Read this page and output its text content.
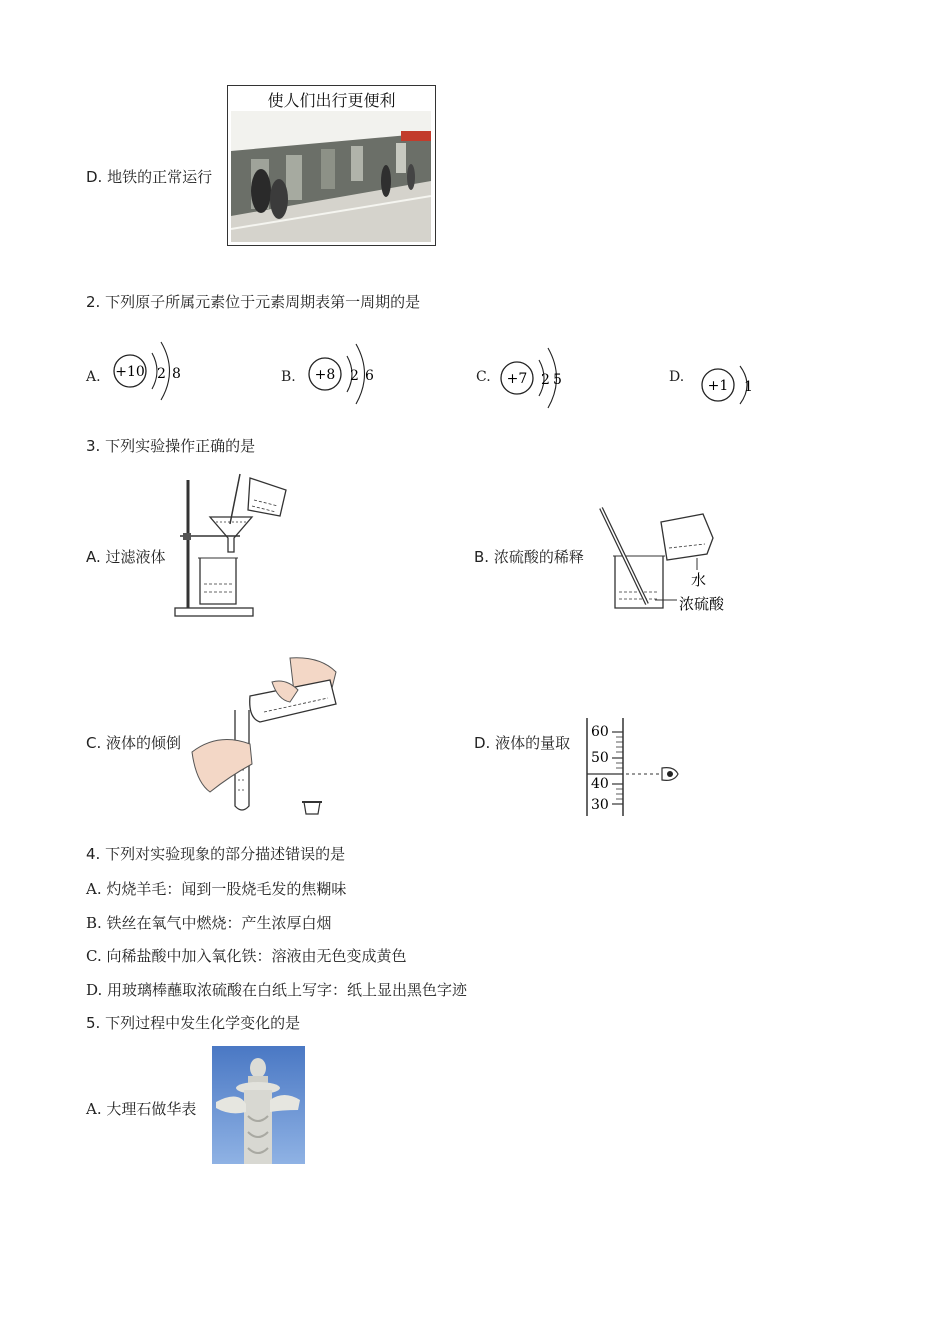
D. 地铁的正常运行
使人们出行更便利
2. 下列原子所属元素位于元素周期表第一周期的是
A. +10 2 8	B. +8 2 6	C. +7 2 5	D.
+1 1
3. 下列实验操作正确的是
A. 过滤液体	B. 浓硫酸的稀释
水
浓硫酸
C. 液体的倾倒	D. 液体的量取
60
50
40
30
4. 下列对实验现象的部分描述错误的是
A. 灼烧羊毛：闻到一股烧毛发的焦糊味
B. 铁丝在氧气中燃烧：产生浓厚白烟
C. 向稀盐酸中加入氧化铁：溶液由无色变成黄色
D. 用玻璃棒蘸取浓硫酸在白纸上写字：纸上显出黑色字迹
5. 下列过程中发生化学变化的是
A. 大理石做华表
